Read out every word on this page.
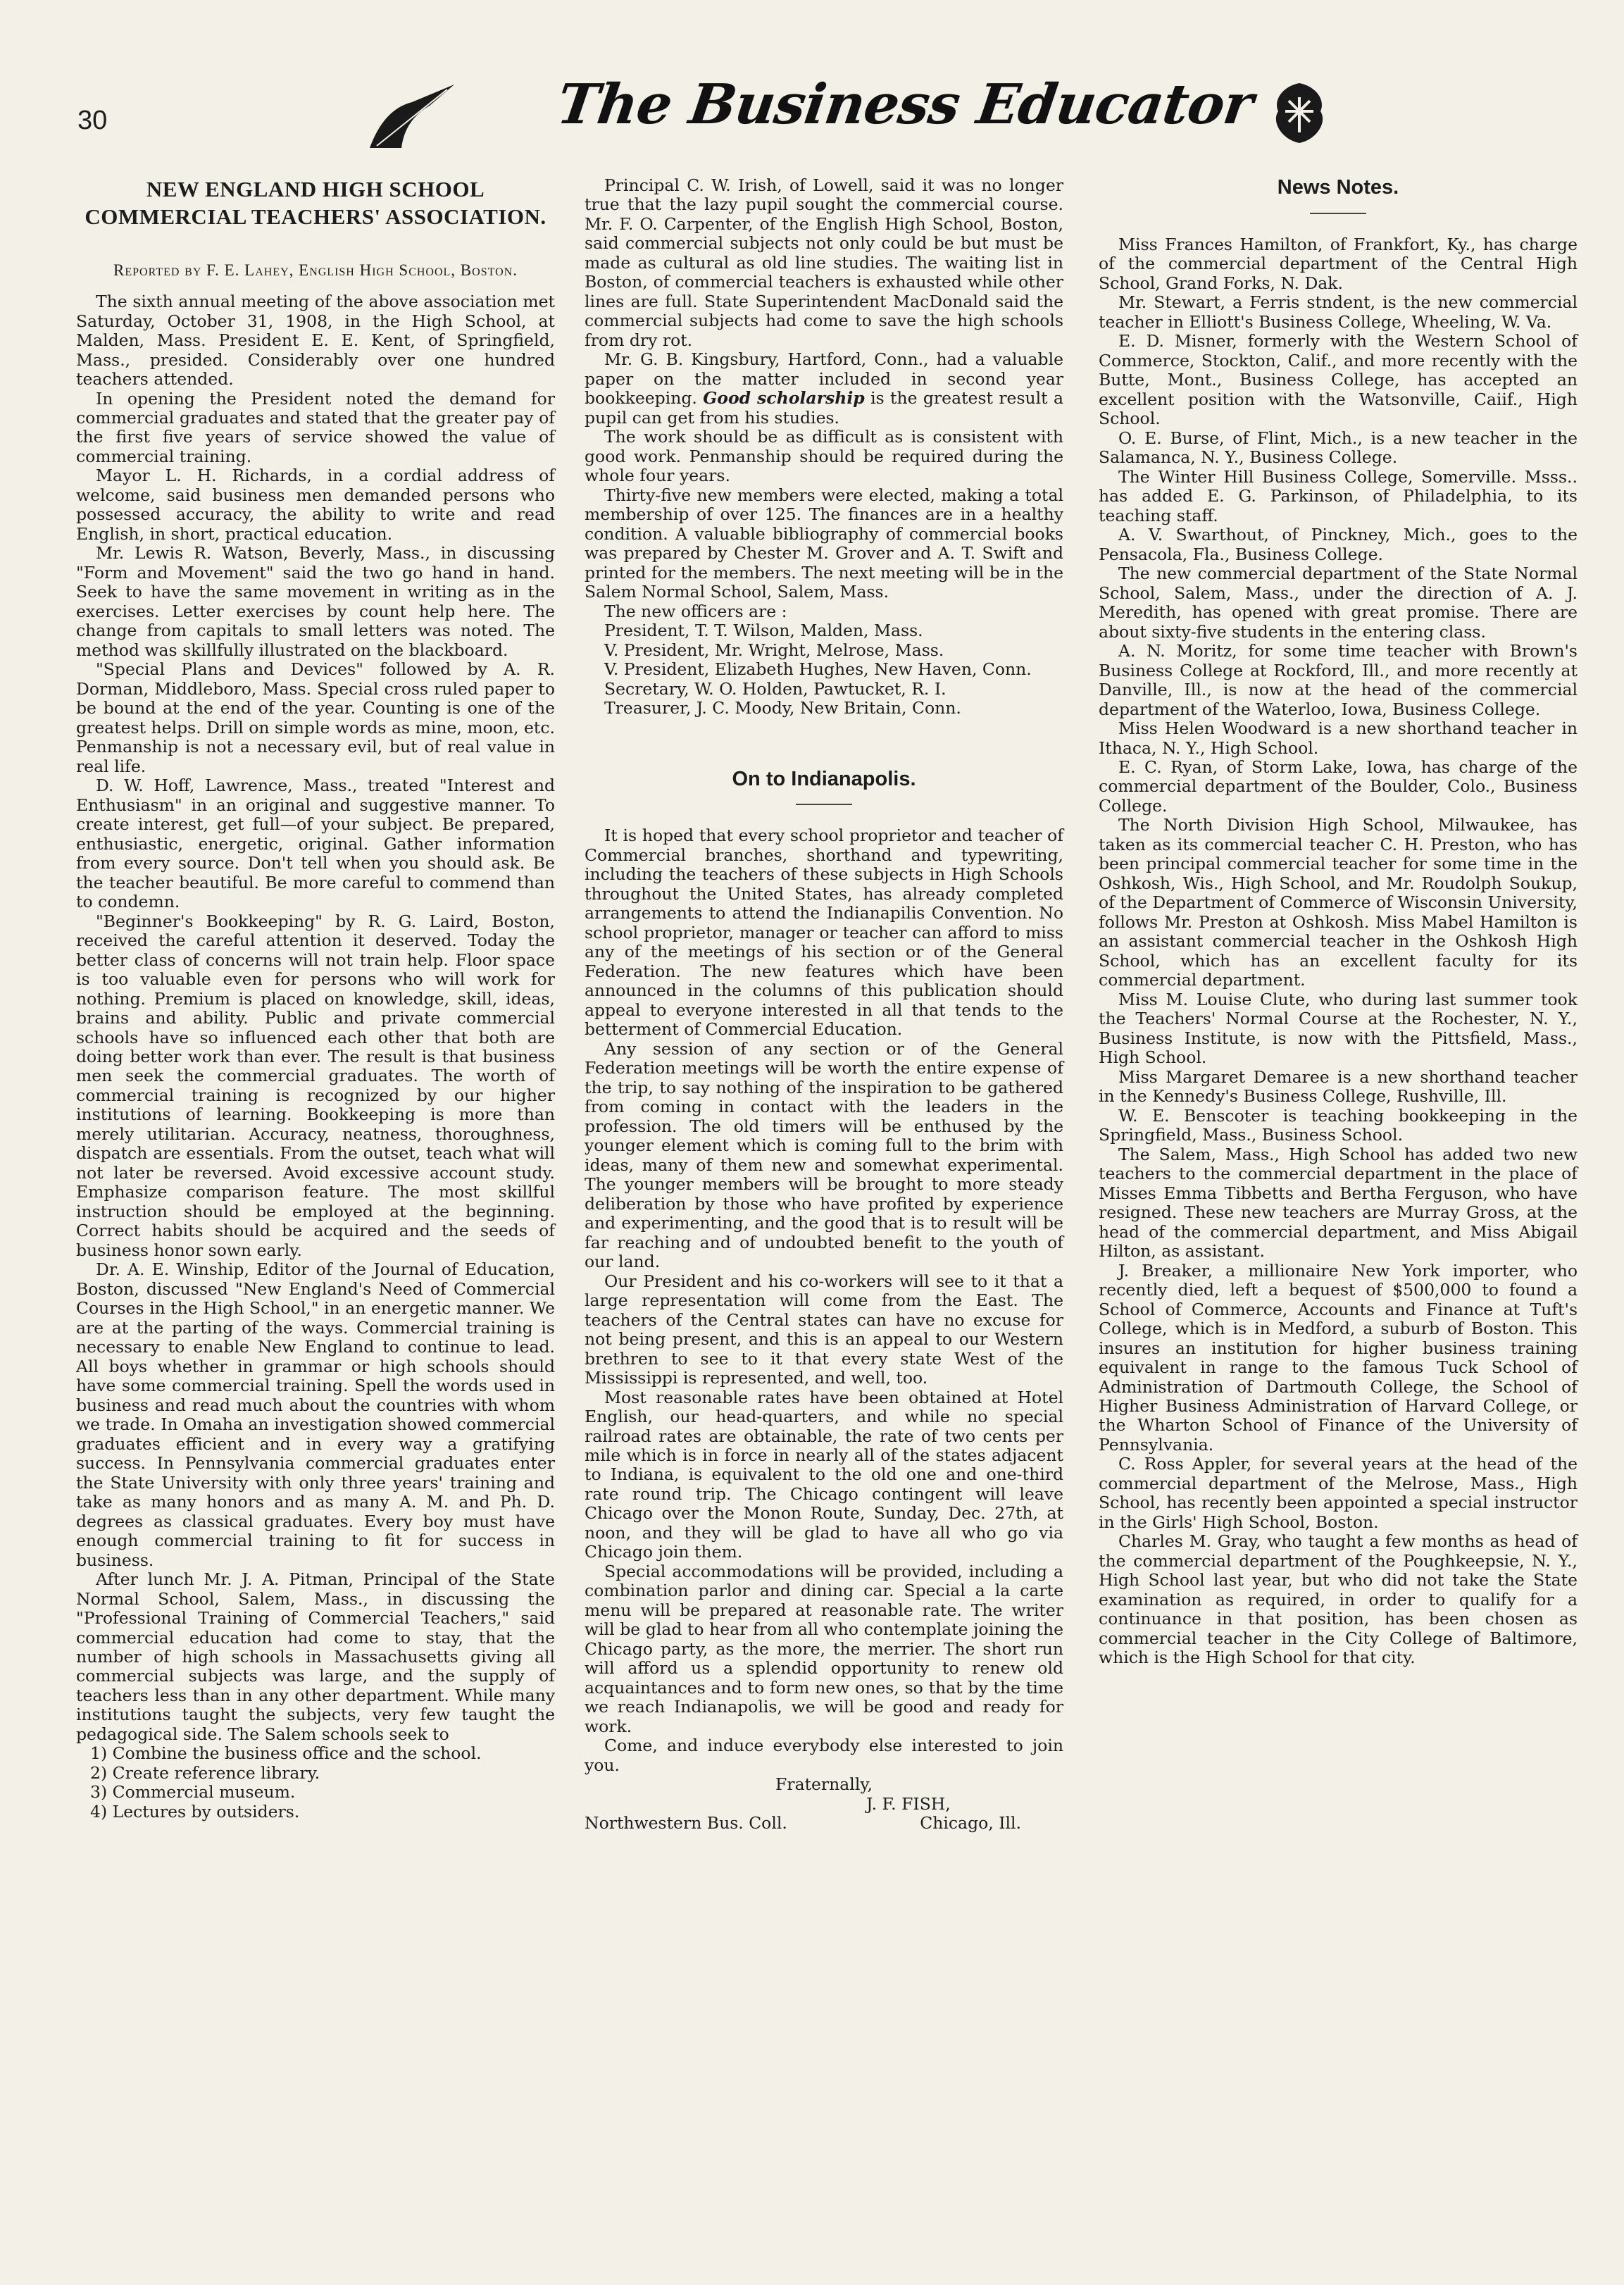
30	The Business Educator
NEW ENGLAND HIGH SCHOOL COMMERCIAL TEACHERS' ASSOCIATION.
Reported by F. E. Lahey, English High School, Boston.

The sixth annual meeting of the above association met Saturday, October 31, 1908, in the High School, at Malden, Mass. President E. E. Kent, of Springfield, Mass., presided. Considerably over one hundred teachers attended.

In opening the President noted the demand for commercial graduates and stated that the greater pay of the first five years of service showed the value of commercial training.

Mayor L. H. Richards, in a cordial address of welcome, said business men demanded persons who possessed accuracy, the ability to write and read English, in short, practical education.

Mr. Lewis R. Watson, Beverly, Mass., in discussing "Form and Movement" said the two go hand in hand. Seek to have the same movement in writing as in the exercises. Letter exercises by count help here. The change from capitals to small letters was noted. The method was skillfully illustrated on the blackboard.

"Special Plans and Devices" followed by A. R. Dorman, Middleboro, Mass. Special cross ruled paper to be bound at the end of the year. Counting is one of the greatest helps. Drill on simple words as mine, moon, etc. Penmanship is not a necessary evil, but of real value in real life.

D. W. Hoff, Lawrence, Mass., treated "Interest and Enthusiasm" in an original and suggestive manner. To create interest, get full—of your subject. Be prepared, enthusiastic, energetic, original. Gather information from every source. Don't tell when you should ask. Be the teacher beautiful. Be more careful to commend than to condemn.

"Beginner's Bookkeeping" by R. G. Laird, Boston, received the careful attention it deserved. Today the better class of concerns will not train help. Floor space is too valuable even for persons who will work for nothing. Premium is placed on knowledge, skill, ideas, brains and ability. Public and private commercial schools have so influenced each other that both are doing better work than ever. The result is that business men seek the commercial graduates. The worth of commercial training is recognized by our higher institutions of learning. Bookkeeping is more than merely utilitarian. Accuracy, neatness, thoroughness, dispatch are essentials. From the outset, teach what will not later be reversed. Avoid excessive account study. Emphasize comparison feature. The most skillful instruction should be employed at the beginning. Correct habits should be acquired and the seeds of business honor sown early.

Dr. A. E. Winship, Editor of the Journal of Education, Boston, discussed "New England's Need of Commercial Courses in the High School," in an energetic manner. We are at the parting of the ways. Commercial training is necessary to enable New England to continue to lead. All boys whether in grammar or high schools should have some commercial training. Spell the words used in business and read much about the countries with whom we trade. In Omaha an investigation showed commercial graduates efficient and in every way a gratifying success. In Pennsylvania commercial graduates enter the State University with only three years' training and take as many honors and as many A. M. and Ph. D. degrees as classical graduates. Every boy must have enough commercial training to fit for success in business.

After lunch Mr. J. A. Pitman, Principal of the State Normal School, Salem, Mass., in discussing the "Professional Training of Commercial Teachers," said commercial education had come to stay, that the number of high schools in Massachusetts giving all commercial subjects was large, and the supply of teachers less than in any other department. While many institutions taught the subjects, very few taught the pedagogical side. The Salem schools seek to

1) Combine the business office and the school.

2) Create reference library.

3) Commercial museum.

4) Lectures by outsiders.

Principal C. W. Irish, of Lowell, said it was no longer true that the lazy pupil sought the commercial course. Mr. F. O. Carpenter, of the English High School, Boston, said commercial subjects not only could be but must be made as cultural as old line studies. The waiting list in Boston, of commercial teachers is exhausted while other lines are full. State Superintendent MacDonald said the commercial subjects had come to save the high schools from dry rot.

Mr. G. B. Kingsbury, Hartford, Conn., had a valuable paper on the matter included in second year bookkeeping. Good scholarship is the greatest result a pupil can get from his studies.

The work should be as difficult as is consistent with good work. Penmanship should be required during the whole four years.

Thirty-five new members were elected, making a total membership of over 125. The finances are in a healthy condition. A valuable bibliography of commercial books was prepared by Chester M. Grover and A. T. Swift and printed for the members. The next meeting will be in the Salem Normal School, Salem, Mass.

The new officers are :

President, T. T. Wilson, Malden, Mass.

V. President, Mr. Wright, Melrose, Mass.

V. President, Elizabeth Hughes, New Haven, Conn.

Secretary, W. O. Holden, Pawtucket, R. I.

Treasurer, J. C. Moody, New Britain, Conn.

On to Indianapolis.

It is hoped that every school proprietor and teacher of Commercial branches, shorthand and typewriting, including the teachers of these subjects in High Schools throughout the United States, has already completed arrangements to attend the Indianapilis Convention. No school proprietor, manager or teacher can afford to miss any of the meetings of his section or of the General Federation. The new features which have been announced in the columns of this publication should appeal to everyone interested in all that tends to the betterment of Commercial Education.

Any session of any section or of the General Federation meetings will be worth the entire expense of the trip, to say nothing of the inspiration to be gathered from coming in contact with the leaders in the profession. The old timers will be enthused by the younger element which is coming full to the brim with ideas, many of them new and somewhat experimental. The younger members will be brought to more steady deliberation by those who have profited by experience and experimenting, and the good that is to result will be far reaching and of undoubted benefit to the youth of our land.

Our President and his co-workers will see to it that a large representation will come from the East. The teachers of the Central states can have no excuse for not being present, and this is an appeal to our Western brethren to see to it that every state West of the Mississippi is represented, and well, too.

Most reasonable rates have been obtained at Hotel English, our head-quarters, and while no special railroad rates are obtainable, the rate of two cents per mile which is in force in nearly all of the states adjacent to Indiana, is equivalent to the old one and one-third rate round trip. The Chicago contingent will leave Chicago over the Monon Route, Sunday, Dec. 27th, at noon, and they will be glad to have all who go via Chicago join them.

Special accommodations will be provided, including a combination parlor and dining car. Special a la carte menu will be prepared at reasonable rate. The writer will be glad to hear from all who contemplate joining the Chicago party, as the more, the merrier. The short run will afford us a splendid opportunity to renew old acquaintances and to form new ones, so that by the time we reach Indianapolis, we will be good and ready for work.

Come, and induce everybody else interested to join you.

Fraternally,

J. F. FISH,

Northwestern Bus. Coll.	Chicago, Ill.
News Notes.

Miss Frances Hamilton, of Frankfort, Ky., has charge of the commercial department of the Central High School, Grand Forks, N. Dak.

Mr. Stewart, a Ferris stndent, is the new commercial teacher in Elliott's Business College, Wheeling, W. Va.

E. D. Misner, formerly with the Western School of Commerce, Stockton, Calif., and more recently with the Butte, Mont., Business College, has accepted an excellent position with the Watsonville, Caiif., High School.

O. E. Burse, of Flint, Mich., is a new teacher in the Salamanca, N. Y., Business College.

The Winter Hill Business College, Somerville. Msss.. has added E. G. Parkinson, of Philadelphia, to its teaching staff.

A. V. Swarthout, of Pinckney, Mich., goes to the Pensacola, Fla., Business College.

The new commercial department of the State Normal School, Salem, Mass., under the direction of A. J. Meredith, has opened with great promise. There are about sixty-five students in the entering class.

A. N. Moritz, for some time teacher with Brown's Business College at Rockford, Ill., and more recently at Danville, Ill., is now at the head of the commercial department of the Waterloo, Iowa, Business College.

Miss Helen Woodward is a new shorthand teacher in Ithaca, N. Y., High School.

E. C. Ryan, of Storm Lake, Iowa, has charge of the commercial department of the Boulder, Colo., Business College.

The North Division High School, Milwaukee, has taken as its commercial teacher C. H. Preston, who has been principal commercial teacher for some time in the Oshkosh, Wis., High School, and Mr. Roudolph Soukup, of the Department of Commerce of Wisconsin University, follows Mr. Preston at Oshkosh. Miss Mabel Hamilton is an assistant commercial teacher in the Oshkosh High School, which has an excellent faculty for its commercial department.

Miss M. Louise Clute, who during last summer took the Teachers' Normal Course at the Rochester, N. Y., Business Institute, is now with the Pittsfield, Mass., High School.

Miss Margaret Demaree is a new shorthand teacher in the Kennedy's Business College, Rushville, Ill.

W. E. Benscoter is teaching bookkeeping in the Springfield, Mass., Business School.

The Salem, Mass., High School has added two new teachers to the commercial department in the place of Misses Emma Tibbetts and Bertha Ferguson, who have resigned. These new teachers are Murray Gross, at the head of the commercial department, and Miss Abigail Hilton, as assistant.

J. Breaker, a millionaire New York importer, who recently died, left a bequest of $500,000 to found a School of Commerce, Accounts and Finance at Tuft's College, which is in Medford, a suburb of Boston. This insures an institution for higher business training equivalent in range to the famous Tuck School of Administration of Dartmouth College, the School of Higher Business Administration of Harvard College, or the Wharton School of Finance of the University of Pennsylvania.

C. Ross Appler, for several years at the head of the commercial department of the Melrose, Mass., High School, has recently been appointed a special instructor in the Girls' High School, Boston.

Charles M. Gray, who taught a few months as head of the commercial department of the Poughkeepsie, N. Y., High School last year, but who did not take the State examination as required, in order to qualify for a continuance in that position, has been chosen as commercial teacher in the City College of Baltimore, which is the High School for that city.
